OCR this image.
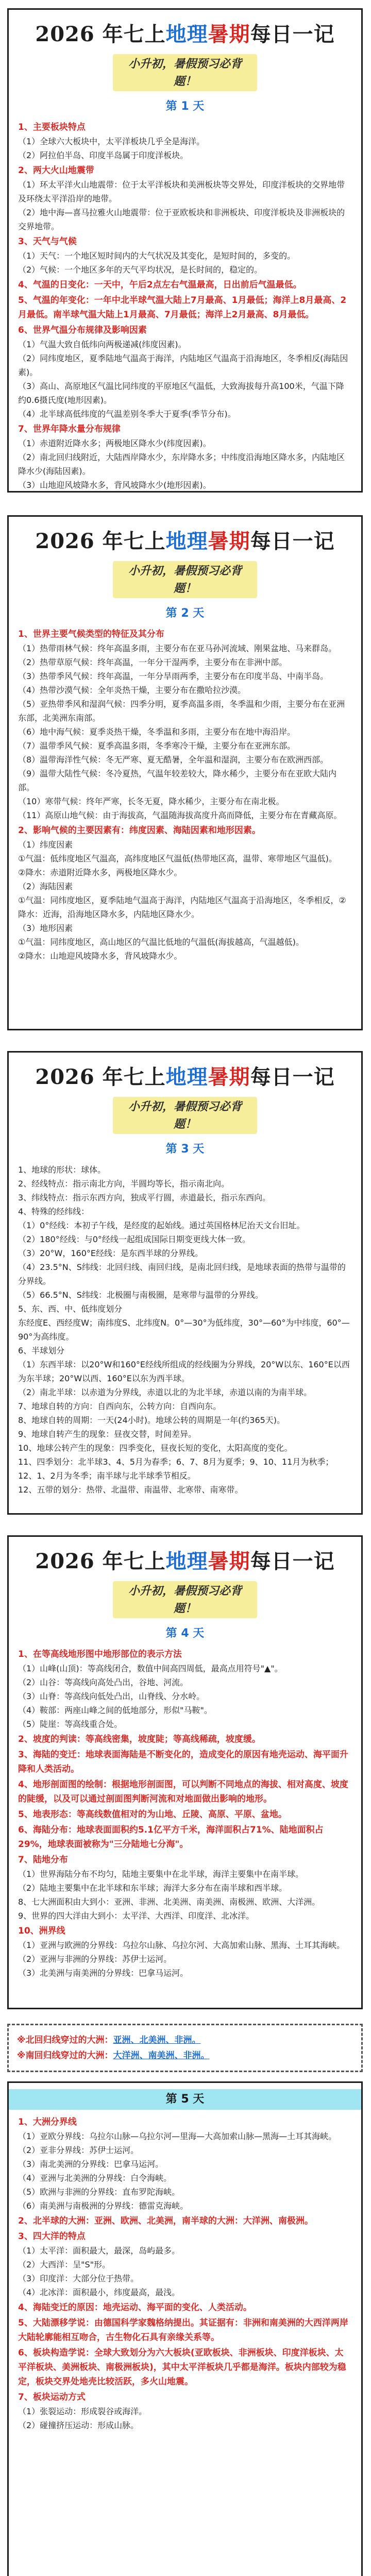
2026 年七上地理暑期每日一记
小升初，暑假预习必背题！
第 1 天
1、主要板块特点
（1）全球六大板块中，太平洋板块几乎全是海洋。
（2）阿拉伯半岛、印度半岛属于印度洋板块。
2、两大火山地震带
（1）环太平洋火山地震带：位于太平洋板块和美洲板块等交界处，印度洋板块的交界地带及环绕太平洋沿岸的地带。
（2）地中海—喜马拉雅火山地震带：位于亚欧板块和非洲板块、印度洋板块及非洲板块的交界地带。
3、天气与气候
（1）天气：一个地区短时间内的大气状况及其变化，是短时间的，多变的。
（2）气候：一个地区多年的天气平均状况，是长时间的，稳定的。
4、气温的日变化：一天中，午后2点左右气温最高，日出前后气温最低。
5、气温的年变化：一年中北半球气温大陆上7月最高、1月最低；海洋上8月最高、2月最低。南半球气温大陆上1月最高、7月最低；海洋上2月最高、8月最低。
6、世界气温分布规律及影响因素
（1）气温大致自低纬向两极递减(纬度因素)。
（2）同纬度地区，夏季陆地气温高于海洋，内陆地区气温高于沿海地区，冬季相反(海陆因素)。
（3）高山、高原地区气温比同纬度的平原地区气温低，大致海拔每升高100米，气温下降约0.6摄氏度(地形因素)。
（4）北半球高低纬度的气温差别冬季大于夏季(季节分布)。
7、世界年降水量分布规律
（1）赤道附近降水多；两极地区降水少(纬度因素)。
（2）南北回归线附近，大陆西岸降水少，东岸降水多；中纬度沿海地区降水多，内陆地区降水少(海陆因素)。
（3）山地迎风坡降水多，背风坡降水少(地形因素)。
2026 年七上地理暑期每日一记
小升初，暑假预习必背题！
第 2 天
1、世界主要气候类型的特征及其分布
（1）热带雨林气候：终年高温多雨，主要分布在亚马孙河流域、刚果盆地、马来群岛。
（2）热带草原气候：终年高温，一年分干湿两季，主要分布在非洲中部。
（3）热带季风气候：终年高温，一年分旱雨两季，主要分布在印度半岛、中南半岛。
（4）热带沙漠气候：全年炎热干燥，主要分布在撒哈拉沙漠。
（5）亚热带季风和湿润气候：四季分明，夏季高温多雨，冬季温和少雨，主要分布在亚洲东部，北美洲东南部。
（6）地中海气候：夏季炎热干燥，冬季温和多雨，主要分布在地中海沿岸。
（7）温带季风气候：夏季高温多雨，冬季寒冷干燥，主要分布在亚洲东部。
（8）温带海洋性气候：冬无严寒、夏无酷暑，全年温和湿润，主要分布在欧洲西部。
（9）温带大陆性气候：冬冷夏热，气温年较差较大，降水稀少，主要分布在亚欧大陆内部。
（10）寒带气候：终年严寒，长冬无夏，降水稀少，主要分布在南北极。
（11）高原山地气候：由于海拔高，气温随海拔高度升高而降低，主要分布在青藏高原。
2、影响气候的主要因素有：纬度因素、海陆因素和地形因素。
（1）纬度因素
①气温：低纬度地区气温高，高纬度地区气温低(热带地区高，温带、寒带地区气温低)。
②降水：赤道附近降水多，两极地区降水少。
（2）海陆因素
①气温：同纬度地区，夏季陆地气温高于海洋，内陆地区气温高于沿海地区，冬季相反，②降水：近海，沿海地区降水多，内陆地区降水少。
（3）地形因素
①气温：同纬度地区，高山地区的气温比低地的气温低(海拔越高，气温越低)。
②降水：山地迎风坡降水多，背风坡降水少。
2026 年七上地理暑期每日一记
小升初，暑假预习必背题！
第 3 天
1、地球的形状：球体。
2、经线特点：指示南北方向，半圆均等长，指示南北向。
3、纬线特点：指示东西方向，独成平行圆，赤道最长，指示东西向。
4、特殊的经纬线：
（1）0°经线：本初子午线，是经度的起始线。通过英国格林尼治天文台旧址。
（2）180°经线：与0°经线一起组成国际日期变更线大体一致。
（3）20°W，160°E经线：是东西半球的分界线。
（4）23.5°N、S纬线：北回归线、南回归线，是南北回归线，是地球表面的热带与温带的分界线。
（5）66.5°N、S纬线：北极圈与南极圈，是寒带与温带的分界线。
5、东、西、中、低纬度划分
东经度E、西经度W；南纬度S、北纬度N。0°—30°为低纬度，30°—60°为中纬度，60°—90°为高纬度。
6、半球划分
（1）东西半球：以20°W和160°E经线所组成的经线圈为分界线，20°W以东、160°E以西为东半球；20°W以西、160°E以东为西半球。
（2）南北半球：以赤道为分界线，赤道以北的为北半球，赤道以南的为南半球。
7、地球自转的方向：自西向东，公转方向：自西向东。
8、地球自转的周期：一天(24小时)。地球公转的周期是一年(约365天)。
9、地球自转产生的现象：昼夜交替，时间差异。
10、地球公转产生的现象：四季变化，昼夜长短的变化，太阳高度的变化。
11、四季划分：北半球3、4、5月为春季；6、7、8月为夏季；9、10、11月为秋季；12、1、2月为冬季；南半球与北半球季节相反。
12、五带的划分：热带、北温带、南温带、北寒带、南寒带。
2026 年七上地理暑期每日一记
小升初，暑假预习必背题！
第 4 天
1、在等高线地形图中地形部位的表示方法
（1）山峰(山顶)：等高线闭合，数值中间高四周低，最高点用符号"▲"。
（2）山谷：等高线向高处凸出，谷地、河流。
（3）山脊：等高线向低处凸出，山脊线、分水岭。
（4）鞍部：两座山峰之间的低地部分，形似"马鞍"。
（5）陡崖：等高线重合处。
2、坡度的判读：等高线密集，坡度陡；等高线稀疏，坡度缓。
3、海陆的变迁：地球表面海陆是不断变化的，造成变化的原因有地壳运动、海平面升降和人类活动。
4、地形剖面图的绘制：根据地形剖面图，可以判断不同地点的海拔、相对高度、坡度的陡缓，以及可以通过剖面图判断河流和对地面做出影响的地形。
5、地表形态：等高线数值相对的为山地、丘陵、高原、平原、盆地。
6、海陆分布：地球表面面积约5.1亿平方千米，海洋面积占71%、陆地面积占29%，地球表面被称为"三分陆地七分海"。
7、陆地分布
（1）世界海陆分布不均匀，陆地主要集中在北半球，海洋主要集中在南半球。
（2）陆地主要集中在北半球和东半球；海洋大多分布在南半球和西半球。
8、七大洲面积由大到小：亚洲、非洲、北美洲、南美洲、南极洲、欧洲、大洋洲。
9、世界的四大洋由大到小：太平洋、大西洋、印度洋、北冰洋。
10、洲界线
（1）亚洲与欧洲的分界线：乌拉尔山脉、乌拉尔河、大高加索山脉、黑海、土耳其海峡。
（2）亚洲与非洲的分界线：苏伊士运河。
（3）北美洲与南美洲的分界线：巴拿马运河。
※北回归线穿过的大洲：亚洲、北美洲、非洲。
※南回归线穿过的大洲：大洋洲、南美洲、非洲。
第 5 天
1、大洲分界线
（1）亚欧分界线：乌拉尔山脉—乌拉尔河—里海—大高加索山脉—黑海—土耳其海峡。
（2）亚非分界线：苏伊士运河。
（3）南北美洲的分界线：巴拿马运河。
（4）亚洲与北美洲的分界线：白令海峡。
（5）欧洲与非洲的分界线：直布罗陀海峡。
（6）南美洲与南极洲的分界线：德雷克海峡。
2、北半球的大洲：亚洲、欧洲、北美洲，南半球的大洲：大洋洲、南极洲。
3、四大洋的特点
（1）太平洋：面积最大，最深，岛屿最多。
（2）大西洋：呈"S"形。
（3）印度洋：大部分位于热带。
（4）北冰洋：面积最小，纬度最高，最浅。
4、海陆变迁的原因：地壳运动、海平面的变化、人类活动。
5、大陆漂移学说：由德国科学家魏格纳提出。其证据有：非洲和南美洲的大西洋两岸大陆轮廓能相互吻合，古生物化石具有亲缘关系等。
6、板块构造学说：全球大致划分为六大板块(亚欧板块、非洲板块、印度洋板块、太平洋板块、美洲板块、南极洲板块)，其中太平洋板块几乎都是海洋。板块内部较为稳定，板块交界处地壳比较活跃，多火山地震。
7、板块运动方式
（1）张裂运动：形成裂谷或海洋。
（2）碰撞挤压运动：形成山脉。
